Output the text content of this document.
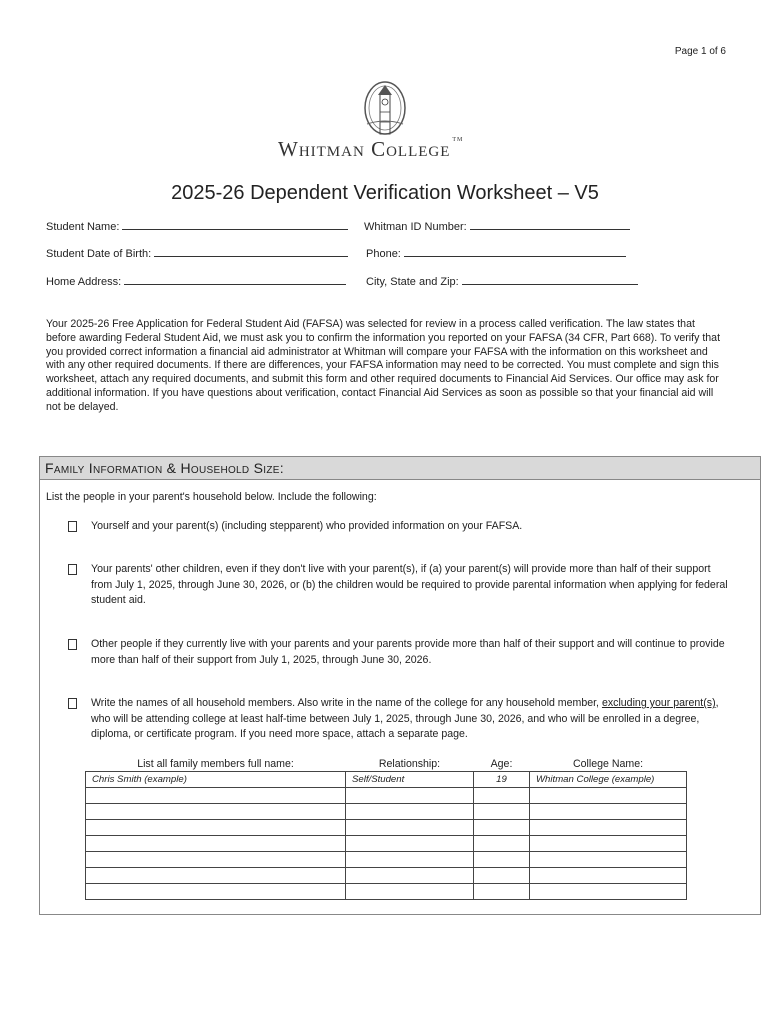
Page 1 of 6
Whitman College ™
2025-26 Dependent Verification Worksheet – V5
Student Name:	Whitman ID Number:
Student Date of Birth:	Phone:
Home Address:	City, State and Zip:
Your 2025-26 Free Application for Federal Student Aid (FAFSA) was selected for review in a process called verification. The law states that before awarding Federal Student Aid, we must ask you to confirm the information you reported on your FAFSA (34 CFR, Part 668). To verify that you provided correct information a financial aid administrator at Whitman will compare your FAFSA with the information on this worksheet and with any other required documents. If there are differences, your FAFSA information may need to be corrected. You must complete and sign this worksheet, attach any required documents, and submit this form and other required documents to Financial Aid Services. Our office may ask for additional information. If you have questions about verification, contact Financial Aid Services as soon as possible so that your financial aid will not be delayed.
Family Information & Household Size:
List the people in your parent's household below. Include the following:
Yourself and your parent(s) (including stepparent) who provided information on your FAFSA.
Your parents' other children, even if they don't live with your parent(s), if (a) your parent(s) will provide more than half of their support from July 1, 2025, through June 30, 2026, or (b) the children would be required to provide parental information when applying for federal student aid.
Other people if they currently live with your parents and your parents provide more than half of their support and will continue to provide more than half of their support from July 1, 2025, through June 30, 2026.
Write the names of all household members. Also write in the name of the college for any household member, excluding your parent(s), who will be attending college at least half-time between July 1, 2025, through June 30, 2026, and who will be enrolled in a degree, diploma, or certificate program. If you need more space, attach a separate page.
List all family members full name:	Relationship:	Age:	College Name:
Chris Smith (example)	Self/Student	19	Whitman College (example)
